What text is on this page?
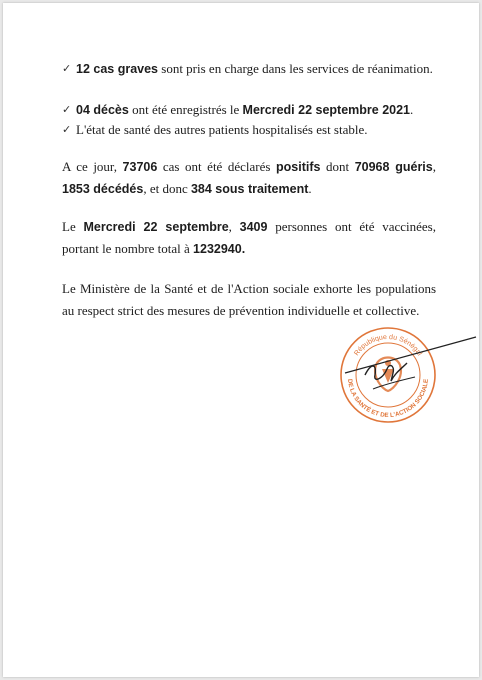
✓ 12 cas graves sont pris en charge dans les services de réanimation.
✓ 04 décès ont été enregistrés le Mercredi 22 septembre 2021.
✓ L'état de santé des autres patients hospitalisés est stable.

A ce jour, 73706 cas ont été déclarés positifs dont 70968 guéris, 1853 décédés, et donc 384 sous traitement.

Le Mercredi 22 septembre, 3409 personnes ont été vaccinées, portant le nombre total à 1232940.

Le Ministère de la Santé et de l'Action sociale exhorte les populations au respect strict des mesures de prévention individuelle et collective.

République du Sénégal
DE LA SANTÉ ET DE L'ACTION SOCIALE
